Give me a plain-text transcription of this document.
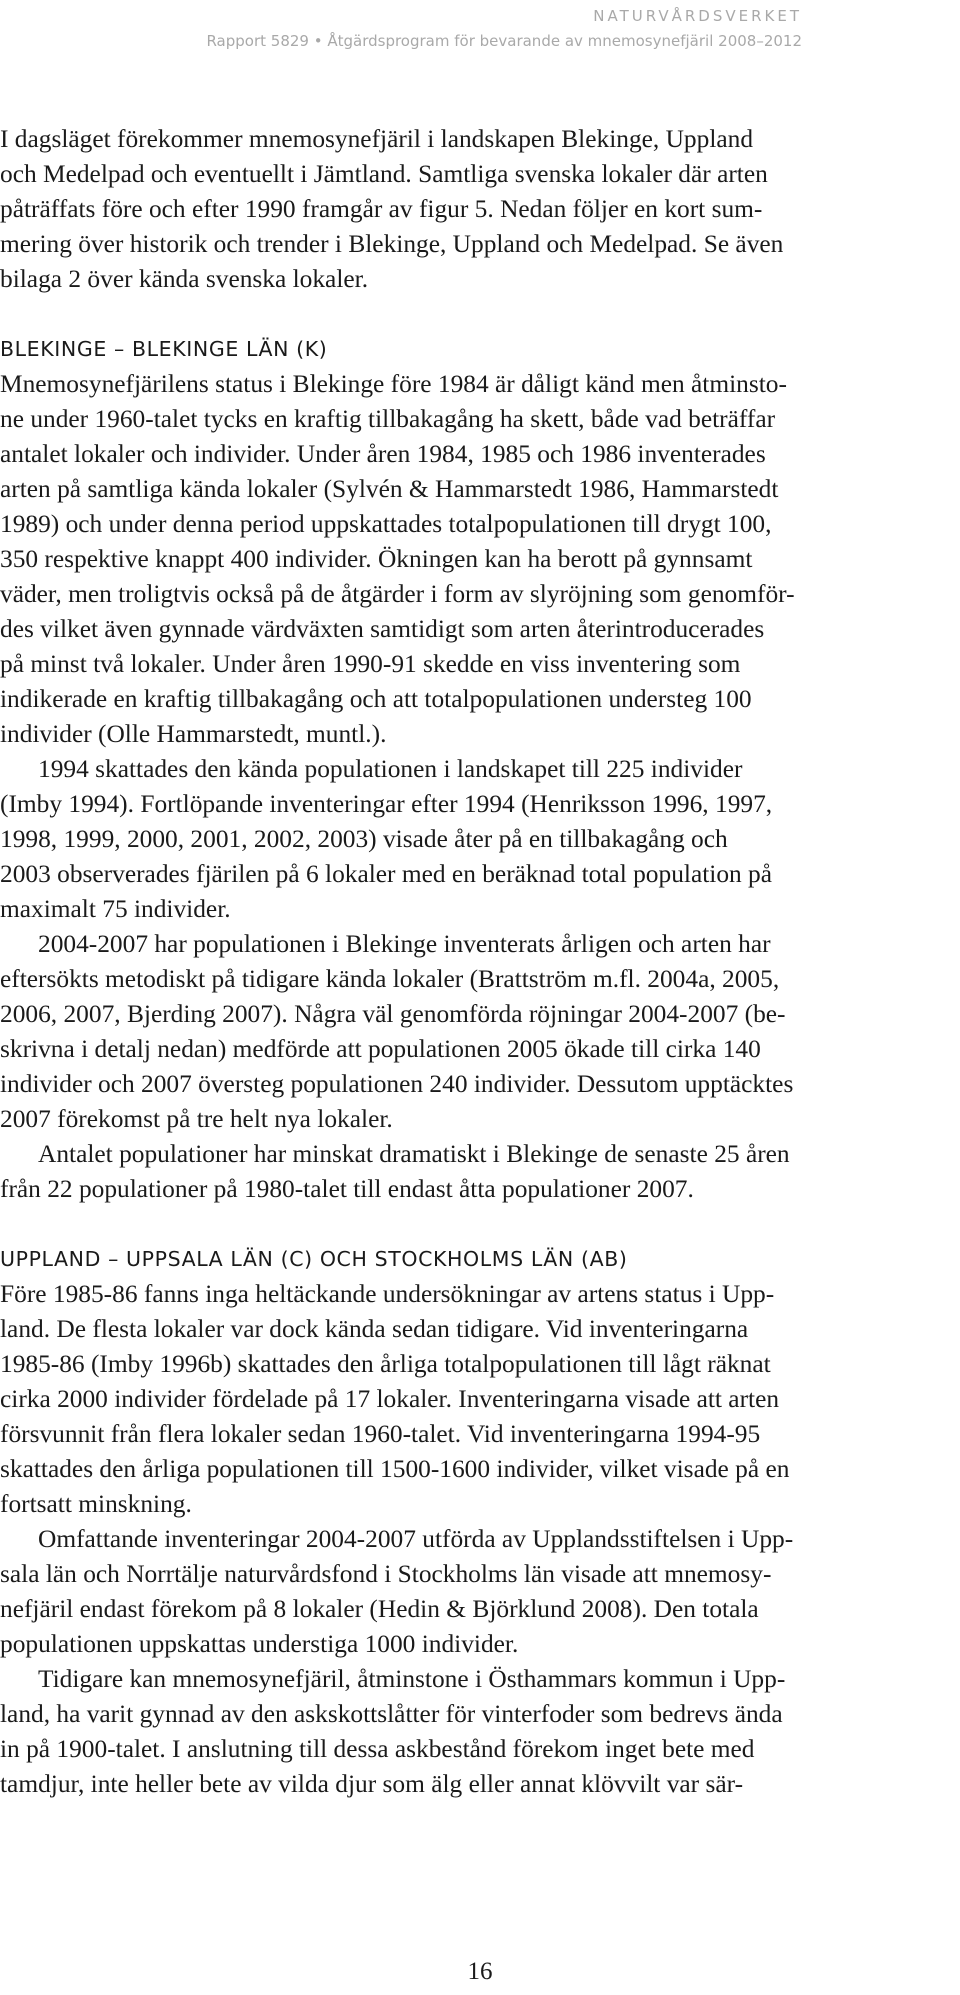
NATURVÅRDSVERKET
Rapport 5829 • Åtgärdsprogram för bevarande av mnemosynefjäril 2008–2012
I dagsläget förekommer mnemosynefjäril i landskapen Blekinge, Uppland
och Medelpad och eventuellt i Jämtland. Samtliga svenska lokaler där arten
påträffats före och efter 1990 framgår av figur 5. Nedan följer en kort sum-
mering över historik och trender i Blekinge, Uppland och Medelpad. Se även
bilaga 2 över kända svenska lokaler.
BLEKINGE – BLEKINGE LÄN (K)
Mnemosynefjärilens status i Blekinge före 1984 är dåligt känd men åtminsto-
ne under 1960-talet tycks en kraftig tillbakagång ha skett, både vad beträffar
antalet lokaler och individer. Under åren 1984, 1985 och 1986 inventerades
arten på samtliga kända lokaler (Sylvén & Hammarstedt 1986, Hammarstedt
1989) och under denna period uppskattades totalpopulationen till drygt 100,
350 respektive knappt 400 individer. Ökningen kan ha berott på gynnsamt
väder, men troligtvis också på de åtgärder i form av slyröjning som genomför-
des vilket även gynnade värdväxten samtidigt som arten återintroducerades
på minst två lokaler. Under åren 1990-91 skedde en viss inventering som
indikerade en kraftig tillbakagång och att totalpopulationen understeg 100
individer (Olle Hammarstedt, muntl.).
1994 skattades den kända populationen i landskapet till 225 individer
(Imby 1994). Fortlöpande inventeringar efter 1994 (Henriksson 1996, 1997,
1998, 1999, 2000, 2001, 2002, 2003) visade åter på en tillbakagång och
2003 observerades fjärilen på 6 lokaler med en beräknad total population på
maximalt 75 individer.
2004-2007 har populationen i Blekinge inventerats årligen och arten har
eftersökts metodiskt på tidigare kända lokaler (Brattström m.fl. 2004a, 2005,
2006, 2007, Bjerding 2007). Några väl genomförda röjningar 2004-2007 (be-
skrivna i detalj nedan) medförde att populationen 2005 ökade till cirka 140
individer och 2007 översteg populationen 240 individer. Dessutom upptäcktes
2007 förekomst på tre helt nya lokaler.
Antalet populationer har minskat dramatiskt i Blekinge de senaste 25 åren
från 22 populationer på 1980-talet till endast åtta populationer 2007.
UPPLAND – UPPSALA LÄN (C) OCH STOCKHOLMS LÄN (AB)
Före 1985-86 fanns inga heltäckande undersökningar av artens status i Upp-
land. De flesta lokaler var dock kända sedan tidigare. Vid inventeringarna
1985-86 (Imby 1996b) skattades den årliga totalpopulationen till lågt räknat
cirka 2000 individer fördelade på 17 lokaler. Inventeringarna visade att arten
försvunnit från flera lokaler sedan 1960-talet. Vid inventeringarna 1994-95
skattades den årliga populationen till 1500-1600 individer, vilket visade på en
fortsatt minskning.
Omfattande inventeringar 2004-2007 utförda av Upplandsstiftelsen i Upp-
sala län och Norrtälje naturvårdsfond i Stockholms län visade att mnemosy-
nefjäril endast förekom på 8 lokaler (Hedin & Björklund 2008). Den totala
populationen uppskattas understiga 1000 individer.
Tidigare kan mnemosynefjäril, åtminstone i Östhammars kommun i Upp-
land, ha varit gynnad av den askskottslåtter för vinterfoder som bedrevs ända
in på 1900-talet. I anslutning till dessa askbestånd förekom inget bete med
tamdjur, inte heller bete av vilda djur som älg eller annat klövvilt var sär-
16
